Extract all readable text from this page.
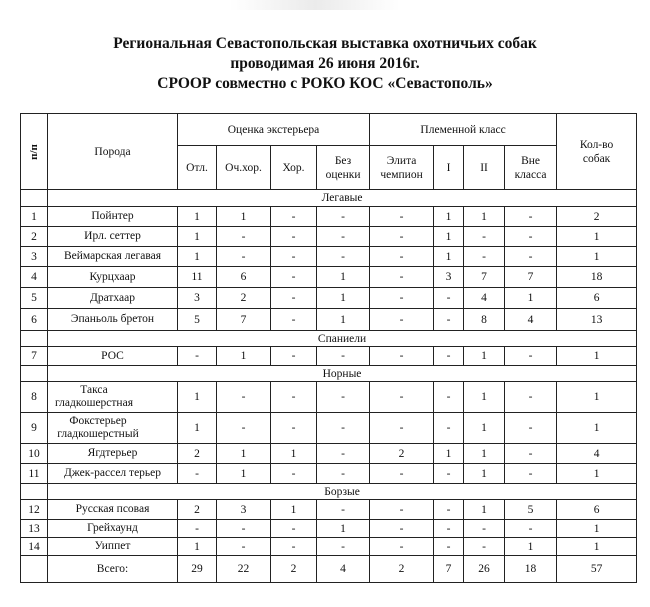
Региональная Севастопольская выставка охотничьих собак
проводимая 26 июня 2016г.
СРООР совместно с РОКО КОС «Севастополь»
п/п	Порода	Оценка экстерьера				Племенной класс				Кол-во собак

		Отл.	Оч.хор.	Хор.	Без оценки	Элита чемпион	I	II	Вне класса	

	Легавые									
1	Пойнтер	1	1	-	-	-	1	1	-	2
2	Ирл. сеттер	1	-	-	-	-	1	-	-	1
3	Веймарская легавая	1	-	-	-	-	1	-	-	1
4	Курцхаар	11	6	-	1	-	3	7	7	18
5	Дратхаар	3	2	-	1	-	-	4	1	6
6	Эпаньоль бретон	5	7	-	1	-	-	8	4	13
	Спаниели									
7	РОС	-	1	-	-	-	-	1	-	1
	Норные									
8	Такса гладкошерстная	1	-	-	-	-	-	1	-	1
9	Фокстерьер гладкошерстный	1	-	-	-	-	-	1	-	1
10	Ягдтерьер	2	1	1	-	2	1	1	-	4
11	Джек-рассел терьер	-	1	-	-	-	-	1	-	1
	Борзые									
12	Русская псовая	2	3	1	-	-	-	1	5	6
13	Грейхаунд	-	-	-	1	-	-	-	-	1
14	Уиппет	1	-	-	-	-	-	-	1	1
	Всего:	29	22	2	4	2	7	26	18	57
